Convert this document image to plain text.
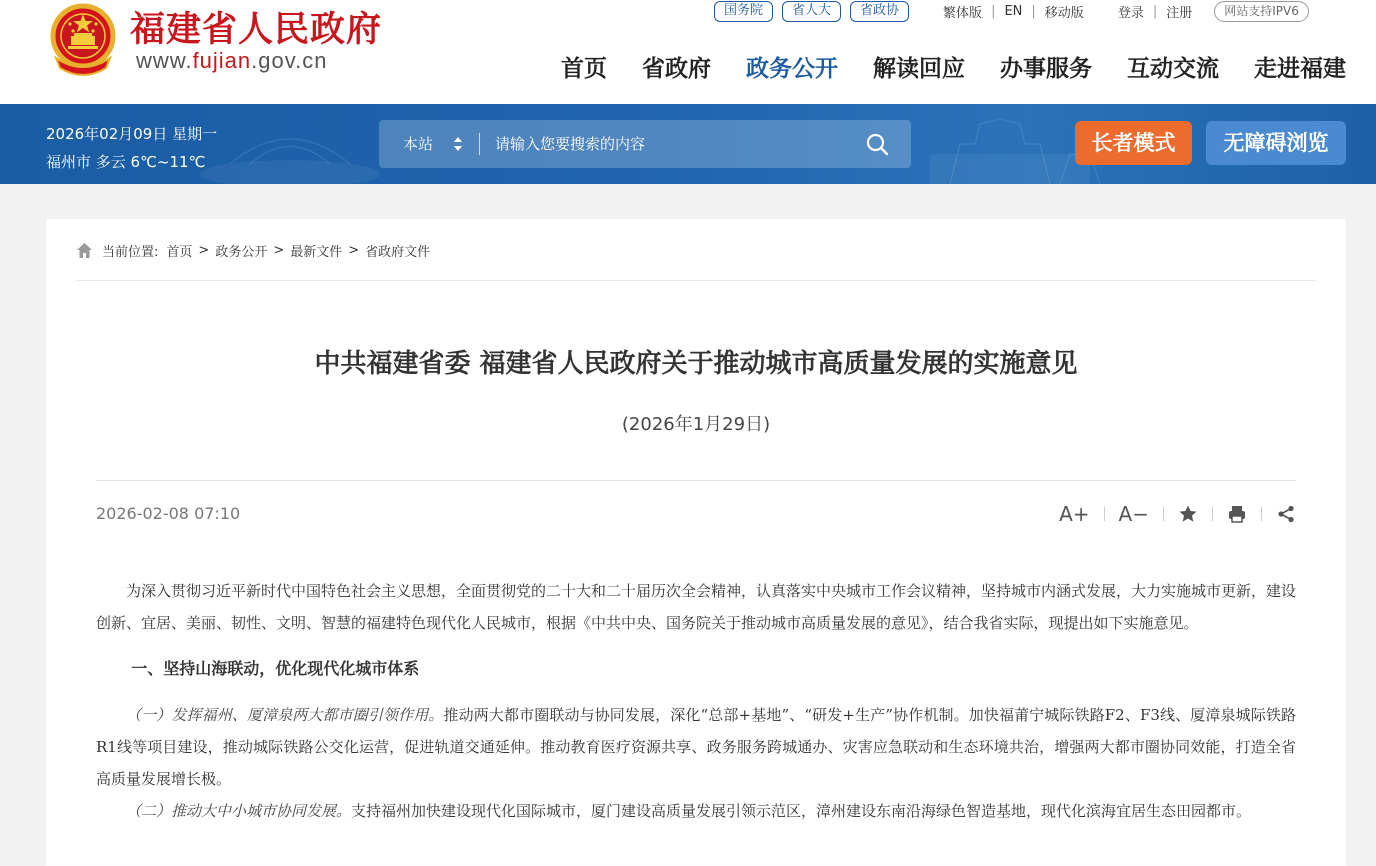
福建省人民政府
www.fujian.gov.cn
国务院	省人大	省政协	繁体版 | EN | 移动版	登录 | 注册	网站支持IPV6
首页 省政府 政务公开 解读回应 办事服务 互动交流 走进福建
2026年02月09日 星期一
福州市 多云 6℃~11℃
本站	请输入您要搜索的内容	长者模式	无障碍浏览
当前位置: 首页 > 政务公开 > 最新文件 > 省政府文件
中共福建省委 福建省人民政府关于推动城市高质量发展的实施意见
(2026年1月29日)
2026-02-08 07:10	A+ A−

为深入贯彻习近平新时代中国特色社会主义思想，全面贯彻党的二十大和二十届历次全会精神，认真落实中央城市工作会议精神，坚持城市内涵式发展，大力实施城市更新，建设创新、宜居、美丽、韧性、文明、智慧的福建特色现代化人民城市，根据《中共中央、国务院关于推动城市高质量发展的意见》，结合我省实际，现提出如下实施意见。

一、坚持山海联动，优化现代化城市体系

（一）发挥福州、厦漳泉两大都市圈引领作用。推动两大都市圈联动与协同发展，深化“总部+基地”、“研发+生产”协作机制。加快福莆宁城际铁路F2、F3线、厦漳泉城际铁路R1线等项目建设，推动城际铁路公交化运营，促进轨道交通延伸。推动教育医疗资源共享、政务服务跨城通办、灾害应急联动和生态环境共治，增强两大都市圈协同效能，打造全省高质量发展增长极。

（二）推动大中小城市协同发展。支持福州加快建设现代化国际城市，厦门建设高质量发展引领示范区，漳州建设东南沿海绿色智造基地，现代化滨海宜居生态田园都市。
